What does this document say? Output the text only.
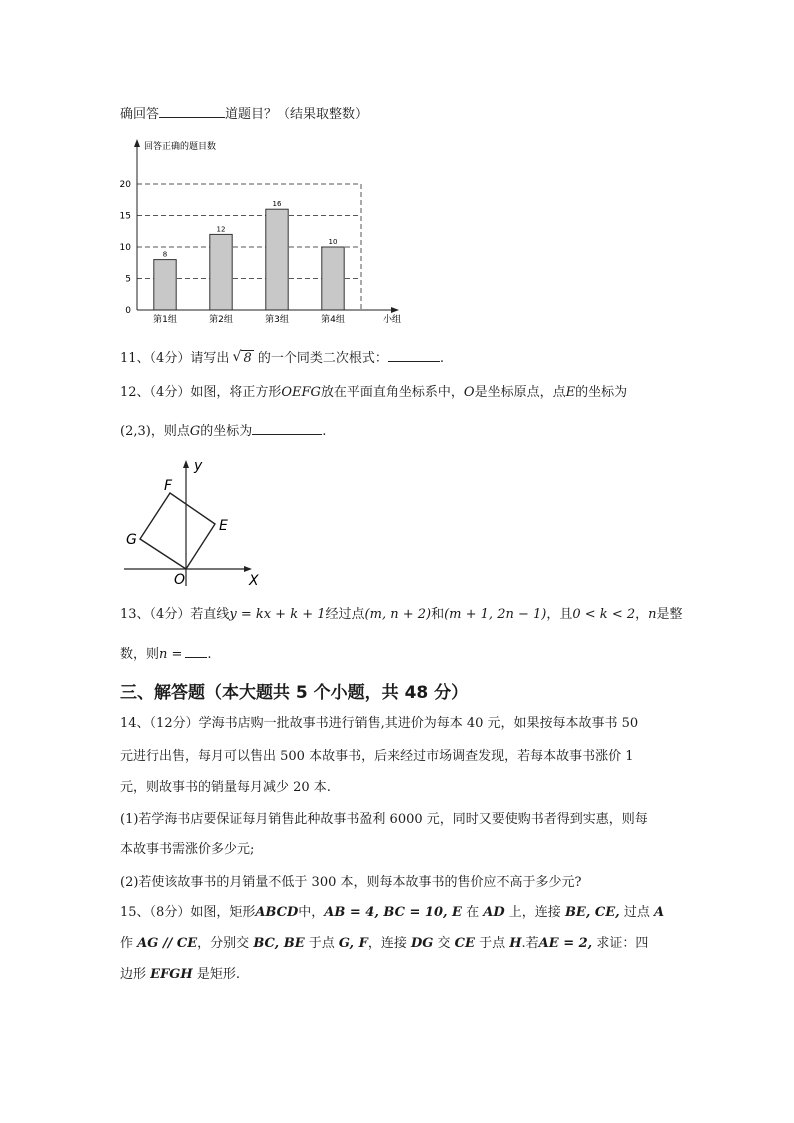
确回答	道题目？（结果取整数）
回答正确的题目数
小组
0
5
10
15
20
第1组	第2组	第3组	第4组
8
12
16
10
11、（4分）请写出 √ 8 的一个同类二次根式：	.
12、（4分）如图，将正方形OEFG放在平面直角坐标系中，O是坐标原点，点E的坐标为
(2,3)，则点G的坐标为	.
y
X
O
E
F
G
13、（4分）若直线y = kx + k + 1经过点(m, n + 2)和(m + 1, 2n − 1)，且0 < k < 2，n是整
数，则n = .
三、解答题（本大题共 5 个小题，共 48 分）
14、（12分）学海书店购一批故事书进行销售,其进价为每本 40 元，如果按每本故事书 50
元进行出售，每月可以售出 500 本故事书，后来经过市场调查发现，若每本故事书涨价 1
元，则故事书的销量每月减少 20 本.
(1)若学海书店要保证每月销售此种故事书盈利 6000 元，同时又要使购书者得到实惠，则每
本故事书需涨价多少元;
(2)若使该故事书的月销量不低于 300 本，则每本故事书的售价应不高于多少元?
15、（8分）如图，矩形ABCD中，AB = 4, BC = 10, E 在 AD 上，连接 BE, CE, 过点 A
作 AG // CE，分别交 BC, BE 于点 G, F，连接 DG 交 CE 于点 H.若AE = 2, 求证：四
边形 EFGH 是矩形.
